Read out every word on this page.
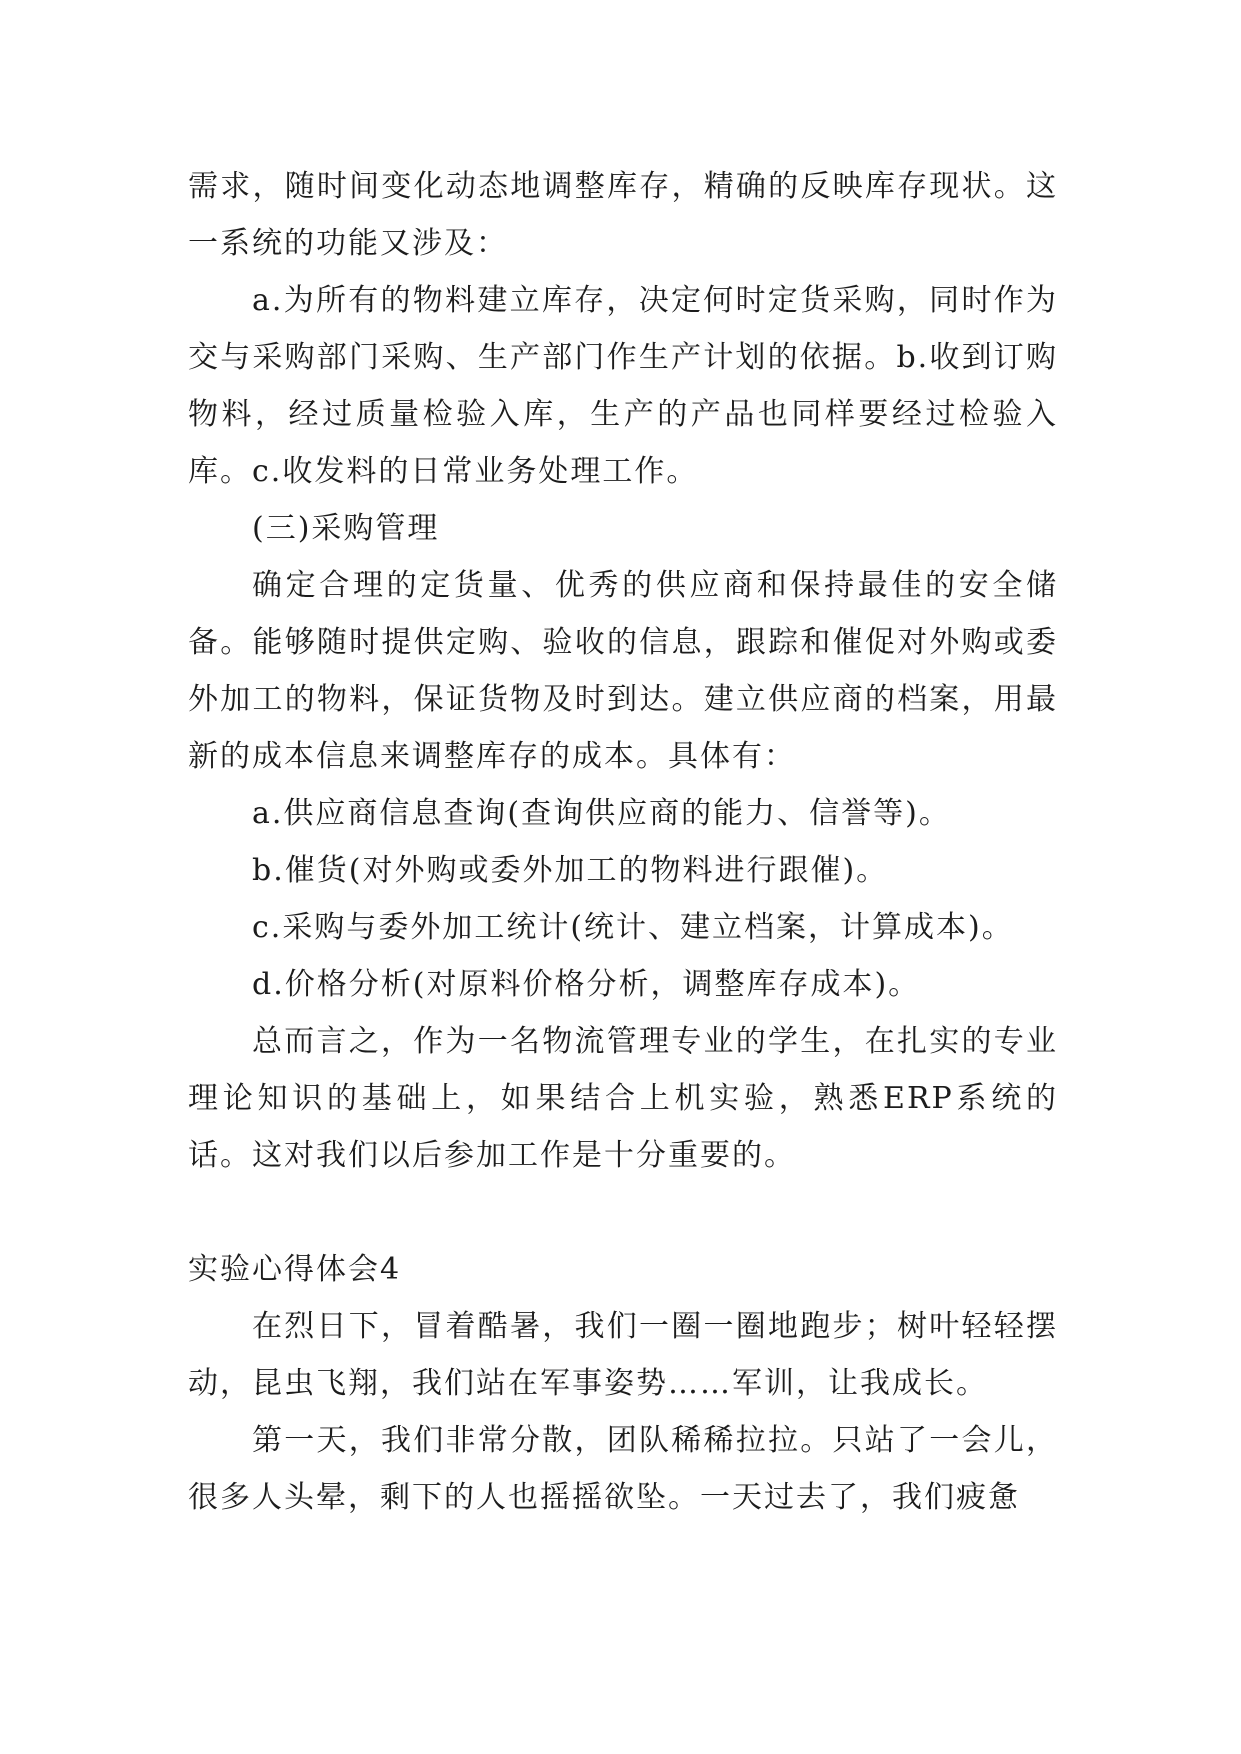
需求，随时间变化动态地调整库存，精确的反映库存现状。这一系统的功能又涉及：

a.为所有的物料建立库存，决定何时定货采购，同时作为交与采购部门采购、生产部门作生产计划的依据。b.收到订购物料，经过质量检验入库，生产的产品也同样要经过检验入库。c.收发料的日常业务处理工作。

(三)采购管理

确定合理的定货量、优秀的供应商和保持最佳的安全储备。能够随时提供定购、验收的信息，跟踪和催促对外购或委外加工的物料，保证货物及时到达。建立供应商的档案，用最新的成本信息来调整库存的成本。具体有：

a.供应商信息查询(查询供应商的能力、信誉等)。

b.催货(对外购或委外加工的物料进行跟催)。

c.采购与委外加工统计(统计、建立档案，计算成本)。

d.价格分析(对原料价格分析，调整库存成本)。

总而言之，作为一名物流管理专业的学生，在扎实的专业理论知识的基础上，如果结合上机实验，熟悉ERP系统的话。这对我们以后参加工作是十分重要的。

实验心得体会4

在烈日下，冒着酷暑，我们一圈一圈地跑步；树叶轻轻摆动，昆虫飞翔，我们站在军事姿势……军训，让我成长。

第一天，我们非常分散，团队稀稀拉拉。只站了一会儿，很多人头晕，剩下的人也摇摇欲坠。一天过去了，我们疲惫
